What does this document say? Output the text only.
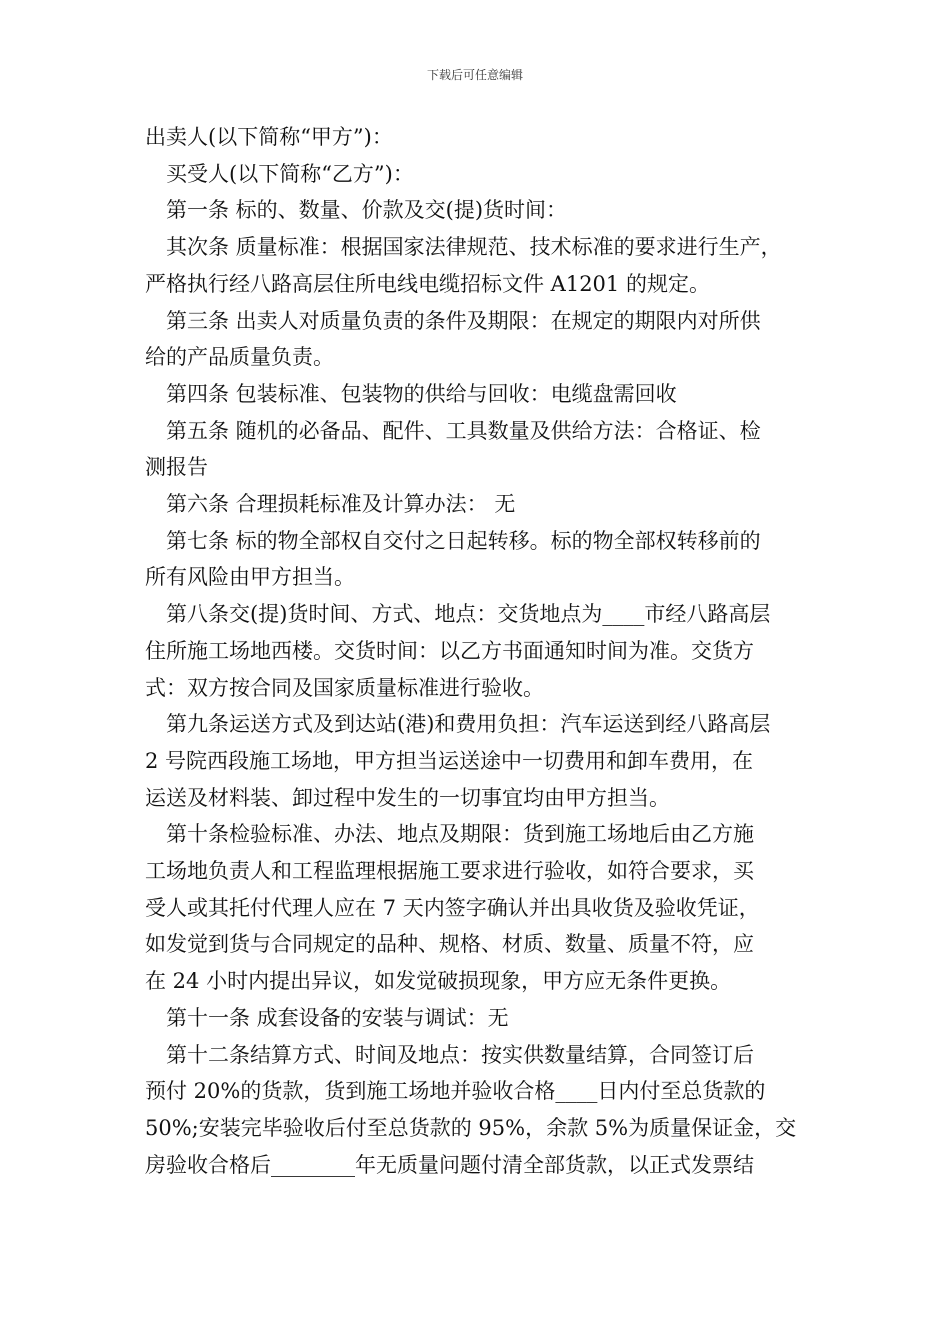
下载后可任意编辑

出卖人(以下简称“甲方”)：

买受人(以下简称“乙方”)：

第一条 标的、数量、价款及交(提)货时间：

其次条 质量标准：根据国家法律规范、技术标准的要求进行生产，

严格执行经八路高层住所电线电缆招标文件 A1201 的规定。

第三条 出卖人对质量负责的条件及期限：在规定的期限内对所供

给的产品质量负责。

第四条 包装标准、包装物的供给与回收：电缆盘需回收

第五条 随机的必备品、配件、工具数量及供给方法：合格证、检

测报告

第六条 合理损耗标准及计算办法： 无

第七条 标的物全部权自交付之日起转移。标的物全部权转移前的

所有风险由甲方担当。

第八条交(提)货时间、方式、地点：交货地点为____市经八路高层

住所施工场地西楼。交货时间：以乙方书面通知时间为准。交货方

式：双方按合同及国家质量标准进行验收。

第九条运送方式及到达站(港)和费用负担：汽车运送到经八路高层

2 号院西段施工场地，甲方担当运送途中一切费用和卸车费用，在

运送及材料装、卸过程中发生的一切事宜均由甲方担当。

第十条检验标准、办法、地点及期限：货到施工场地后由乙方施

工场地负责人和工程监理根据施工要求进行验收，如符合要求，买

受人或其托付代理人应在 7 天内签字确认并出具收货及验收凭证，

如发觉到货与合同规定的品种、规格、材质、数量、质量不符，应

在 24 小时内提出异议，如发觉破损现象，甲方应无条件更换。

第十一条 成套设备的安装与调试：无

第十二条结算方式、时间及地点：按实供数量结算，合同签订后

预付 20%的货款，货到施工场地并验收合格____日内付至总货款的

50%;安装完毕验收后付至总货款的 95%，余款 5%为质量保证金，交

房验收合格后________年无质量问题付清全部货款，以正式发票结
